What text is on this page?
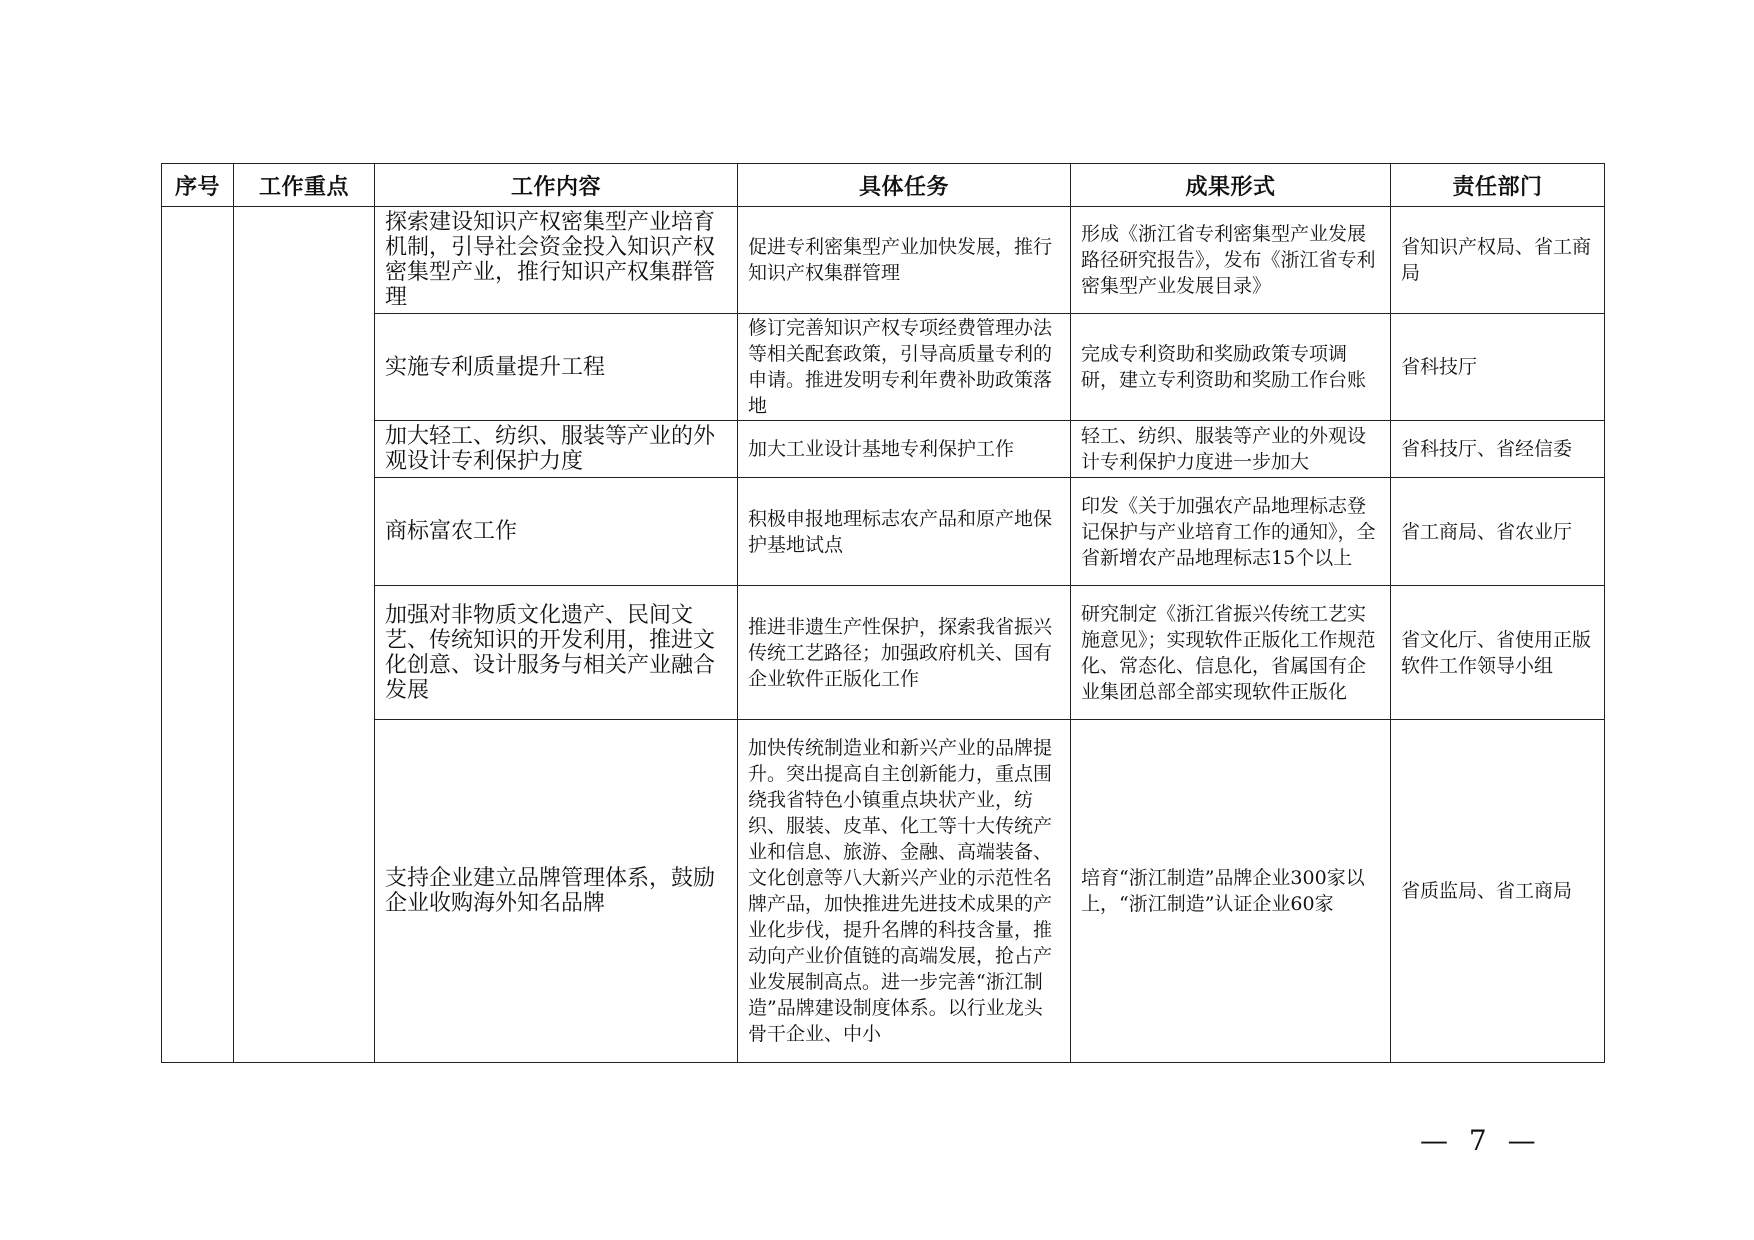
序号	工作重点	工作内容	具体任务	成果形式	责任部门
		探索建设知识产权密集型产业培育机制，引导社会资金投入知识产权密集型产业，推行知识产权集群管理	促进专利密集型产业加快发展，推行知识产权集群管理	形成《浙江省专利密集型产业发展路径研究报告》，发布《浙江省专利密集型产业发展目录》	省知识产权局、省工商局
		实施专利质量提升工程	修订完善知识产权专项经费管理办法等相关配套政策，引导高质量专利的申请。推进发明专利年费补助政策落地	完成专利资助和奖励政策专项调研，建立专利资助和奖励工作台账	省科技厅
		加大轻工、纺织、服装等产业的外观设计专利保护力度	加大工业设计基地专利保护工作	轻工、纺织、服装等产业的外观设计专利保护力度进一步加大	省科技厅、省经信委
		商标富农工作	积极申报地理标志农产品和原产地保护基地试点	印发《关于加强农产品地理标志登记保护与产业培育工作的通知》，全省新增农产品地理标志15个以上	省工商局、省农业厅
		加强对非物质文化遗产、民间文艺、传统知识的开发利用，推进文化创意、设计服务与相关产业融合发展	推进非遗生产性保护，探索我省振兴传统工艺路径；加强政府机关、国有企业软件正版化工作	研究制定《浙江省振兴传统工艺实施意见》；实现软件正版化工作规范化、常态化、信息化，省属国有企业集团总部全部实现软件正版化	省文化厅、省使用正版软件工作领导小组
		支持企业建立品牌管理体系，鼓励企业收购海外知名品牌	加快传统制造业和新兴产业的品牌提升。突出提高自主创新能力，重点围绕我省特色小镇重点块状产业，纺织、服装、皮革、化工等十大传统产业和信息、旅游、金融、高端装备、文化创意等八大新兴产业的示范性名牌产品，加快推进先进技术成果的产业化步伐，提升名牌的科技含量，推动向产业价值链的高端发展，抢占产业发展制高点。进一步完善“浙江制造”品牌建设制度体系。以行业龙头骨干企业、中小	培育“浙江制造”品牌企业300家以上，“浙江制造”认证企业60家	省质监局、省工商局
— 7 —
